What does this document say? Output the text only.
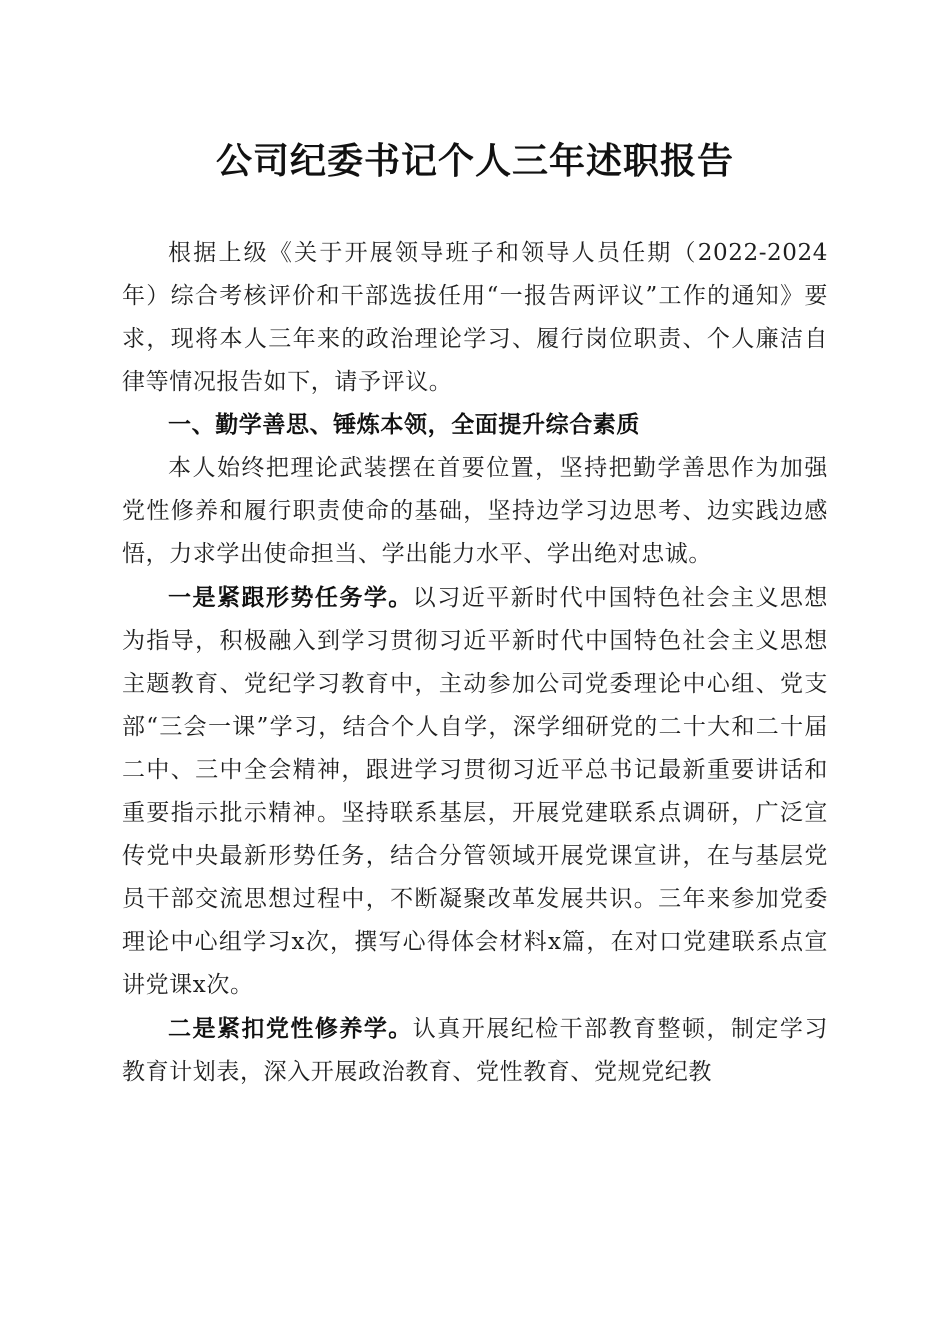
公司纪委书记个人三年述职报告

根据上级《关于开展领导班子和领导人员任期（2022-2024年）综合考核评价和干部选拔任用“一报告两评议”工作的通知》要求，现将本人三年来的政治理论学习、履行岗位职责、个人廉洁自律等情况报告如下，请予评议。

一、勤学善思、锤炼本领，全面提升综合素质

本人始终把理论武装摆在首要位置，坚持把勤学善思作为加强党性修养和履行职责使命的基础，坚持边学习边思考、边实践边感悟，力求学出使命担当、学出能力水平、学出绝对忠诚。

一是紧跟形势任务学。以习近平新时代中国特色社会主义思想为指导，积极融入到学习贯彻习近平新时代中国特色社会主义思想主题教育、党纪学习教育中，主动参加公司党委理论中心组、党支部“三会一课”学习，结合个人自学，深学细研党的二十大和二十届二中、三中全会精神，跟进学习贯彻习近平总书记最新重要讲话和重要指示批示精神。坚持联系基层，开展党建联系点调研，广泛宣传党中央最新形势任务，结合分管领域开展党课宣讲，在与基层党员干部交流思想过程中，不断凝聚改革发展共识。三年来参加党委理论中心组学习x次，撰写心得体会材料x篇，在对口党建联系点宣讲党课x次。

二是紧扣党性修养学。认真开展纪检干部教育整顿，制定学习教育计划表，深入开展政治教育、党性教育、党规党纪教
